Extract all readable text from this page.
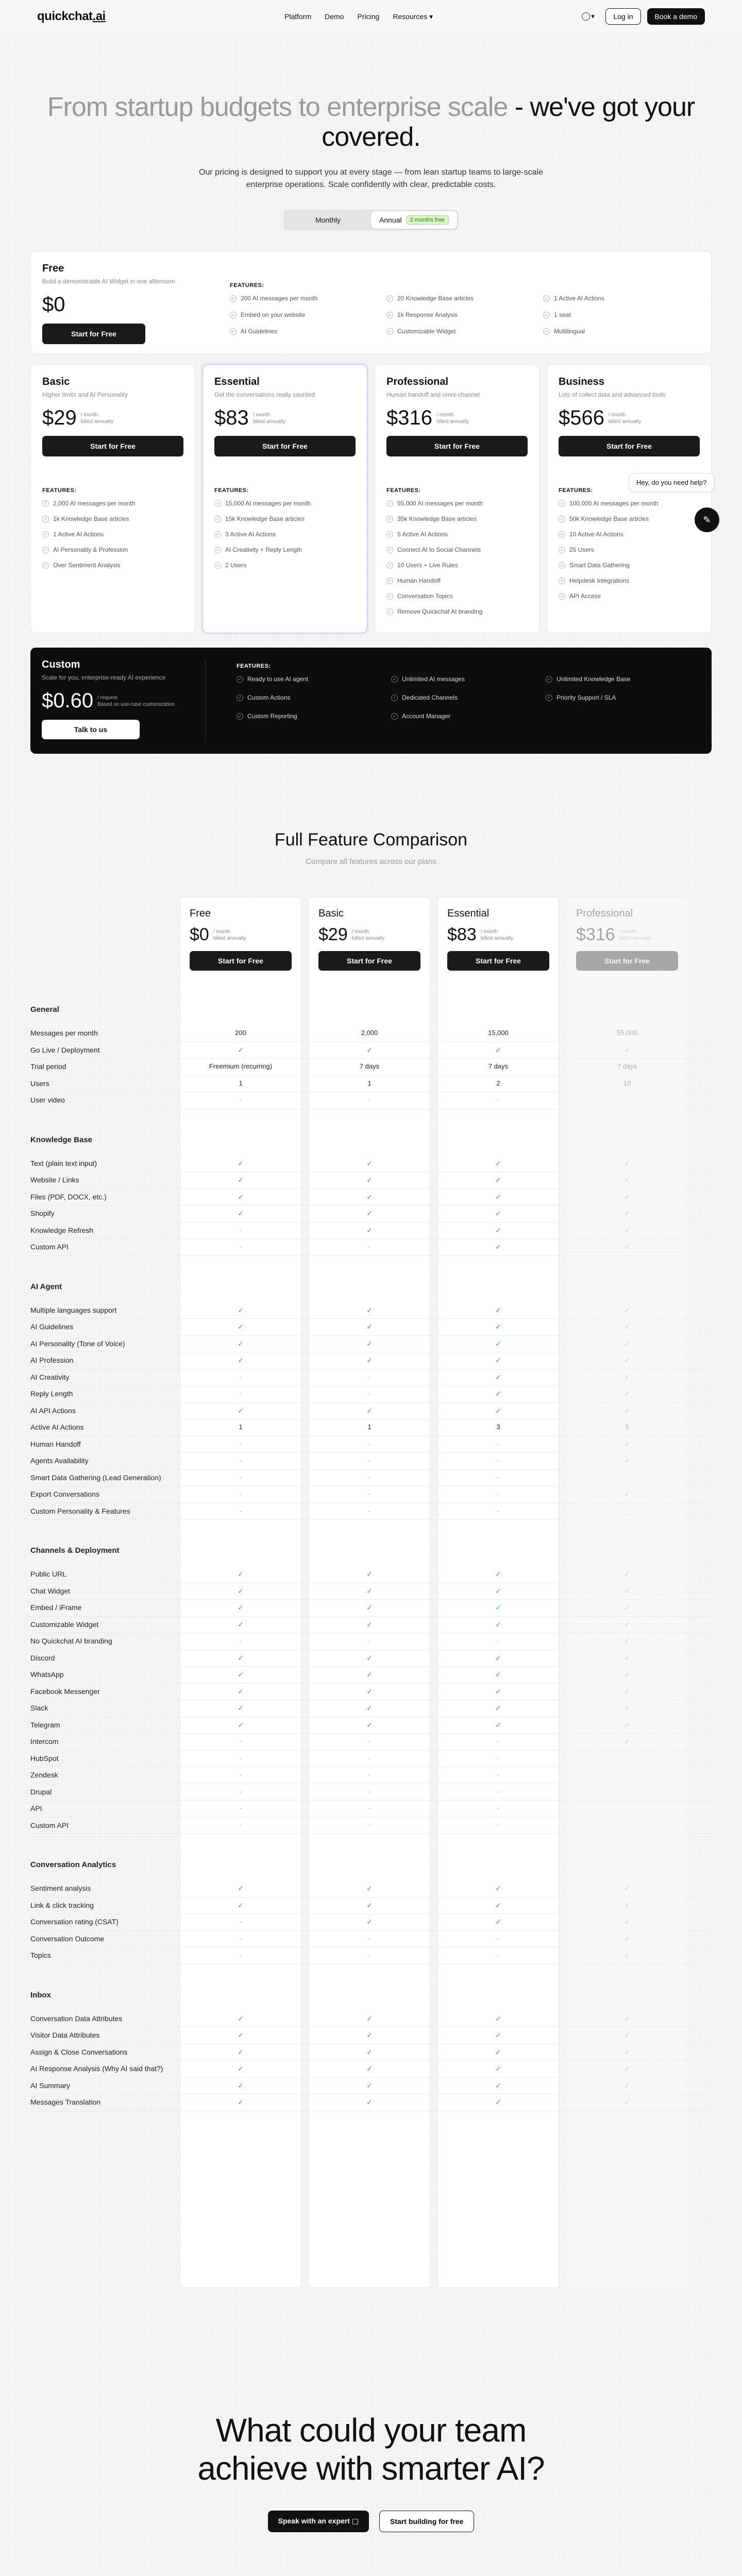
quickchat.ai	Platform Demo Pricing Resources ▾	▾	Log in	Book a demo
From startup budgets to enterprise scale - we've got your covered.

Our pricing is designed to support you at every stage — from lean startup teams to large-scale enterprise operations. Scale confidently with clear, predictable costs.

Monthly	Annual	2 months free
Free
Build a demonstrable AI Widget in one afternoon
$0
Start for Free
FEATURES:
✓ 200 AI messages per month	✓ 20 Knowledge Base articles	✓ 1 Active AI Actions
✓ Embed on your website	✓ 1k Response Analysis	✓ 1 seat
✓ AI Guidelines	✓ Customizable Widget	✓ Multilingual
Basic
Higher limits and AI Personality
$29 / month
billed annually
Start for Free
FEATURES:
✓ 2,000 AI messages per month
✓ 1k Knowledge Base articles
✓ 1 Active AI Actions
✓ AI Personality & Profession
✓ Over Sentiment Analysis
Essential
Get the conversations really counted
$83 / month
billed annually
Start for Free
FEATURES:
✓ 15,000 AI messages per month
✓ 15k Knowledge Base articles
✓ 3 Active AI Actions
✓ AI Creativity + Reply Length
✓ 2 Users
Professional
Human handoff and omni-channel
$316 / month
billed annually
Start for Free
FEATURES:
✓ 55,000 AI messages per month
✓ 35k Knowledge Base articles
✓ 5 Active AI Actions
✓ Connect AI to Social Channels
✓ 10 Users + Live Rules
✓ Human Handoff
✓ Conversation Topics
✓ Remove Quickchat AI branding
Business
Lots of collect data and advanced tools
$566 / month
billed annually
Start for Free
FEATURES:
✓ 100,000 AI messages per month
✓ 50k Knowledge Base articles
✓ 10 Active AI Actions
✓ 25 Users
✓ Smart Data Gathering
✓ Helpdesk Integrations
✓ API Access
Custom
Scale for you, enterprise-ready AI experience
$0.60 / request
Based on use-case customization
Talk to us
FEATURES:
✓ Ready to use AI agent	✓ Unlimited AI messages	✓ Unlimited Knowledge Base
✓ Custom Actions	✓ Dedicated Channels	✓ Priority Support / SLA
✓ Custom Reporting	✓ Account Manager
Hey, do you need help?
✎
Full Feature Comparison
Compare all features across our plans
Free
$0 / month
billed annually
Start for Free
Basic
$29 / month
billed annually
Start for Free
Essential
$83 / month
billed annually
Start for Free
Professional
$316 / month
billed annually
Start for Free
General
Messages per month	200	2,000	15,000	55,000
Go Live / Deployment	✓	✓	✓	✓
Trial period	Freemium (recurring)	7 days	7 days	7 days
Users	1	1	2	10
User video	-	-	-	-
Knowledge Base
Text (plain text input)	✓	✓	✓	✓
Website / Links	✓	✓	✓	✓
Files (PDF, DOCX, etc.)	✓	✓	✓	✓
Shopify	✓	✓	✓	✓
Knowledge Refresh	-	✓	✓	✓
Custom API	-	-	✓	✓
AI Agent
Multiple languages support	✓	✓	✓	✓
AI Guidelines	✓	✓	✓	✓
AI Personality (Tone of Voice)	✓	✓	✓	✓
AI Profession	✓	✓	✓	✓
AI Creativity	-	-	✓	✓
Reply Length	-	-	✓	✓
AI API Actions	✓	✓	✓	✓
Active AI Actions	1	1	3	5
Human Handoff	-	-	-	✓
Agents Availability	-	-	-	✓
Smart Data Gathering (Lead Generation)	-	-	-	-
Export Conversations	-	-	-	✓
Custom Personality & Features	-	-	-	-
Channels & Deployment
Public URL	✓	✓	✓	✓
Chat Widget	✓	✓	✓	✓
Embed / iFrame	✓	✓	✓	✓
Customizable Widget	✓	✓	✓	✓
No Quickchat AI branding	-	-	-	✓
Discord	✓	✓	✓	✓
WhatsApp	✓	✓	✓	✓
Facebook Messenger	✓	✓	✓	✓
Slack	✓	✓	✓	✓
Telegram	✓	✓	✓	✓
Intercom	-	-	-	✓
HubSpot	-	-	-	-
Zendesk	-	-	-	-
Drupal	-	-	-	-
API	-	-	-	-
Custom API	-	-	-	-
Conversation Analytics
Sentiment analysis	✓	✓	✓	✓
Link & click tracking	✓	✓	✓	✓
Conversation rating (CSAT)	-	✓	✓	✓
Conversation Outcome	-	-	-	✓
Topics	-	-	-	✓
Inbox
Conversation Data Attributes	✓	✓	✓	✓
Visitor Data Attributes	✓	✓	✓	✓
Assign & Close Conversations	✓	✓	✓	✓
AI Response Analysis (Why AI said that?)	✓	✓	✓	✓
AI Summary	✓	✓	✓	✓
Messages Translation	✓	✓	✓	✓
What could your team
achieve with smarter AI?
Speak with an expert ▢	Start building for free
